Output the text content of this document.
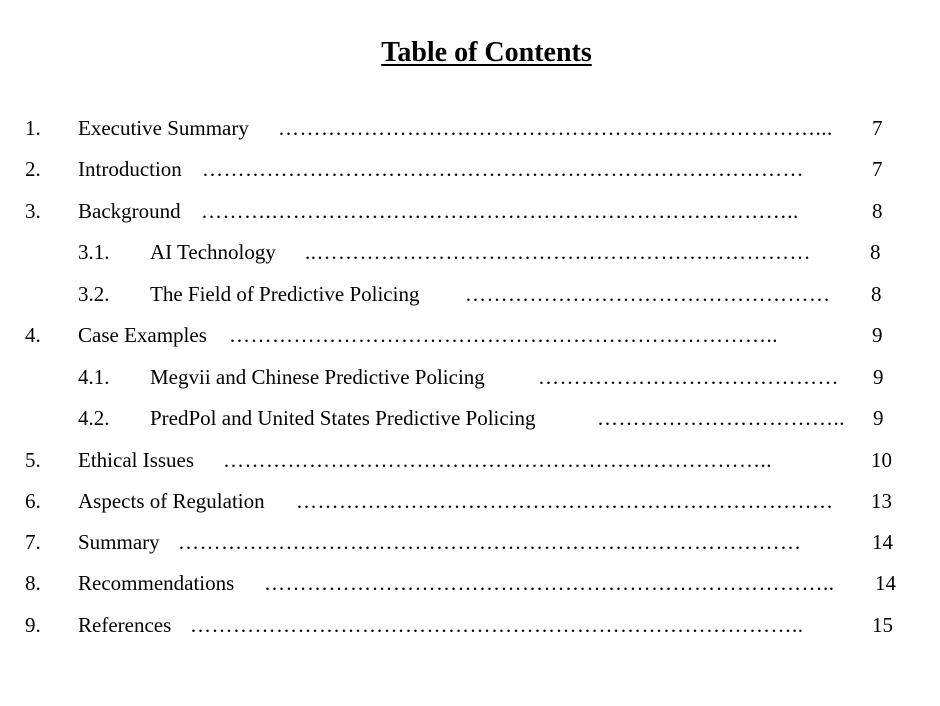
Table of Contents
1. Executive Summary …………………………………………………………………...	7
2. Introduction …………………………………………………………………………	7
3. Background ……….………………………………………………………………..	8
3.1. AI Technology ..……………………………………………………………	8
3.2. The Field of Predictive Policing ……………………………………………	8
4. Case Examples …………………………………………………………………..	9
4.1. Megvii and Chinese Predictive Policing	……………………………………	9
4.2. PredPol and United States Predictive Policing	……………………………..	9
5. Ethical Issues …………………………………………………………………..	10
6. Aspects of Regulation …………………………………………………………………	13
7. Summary ……………………………………………………………………………	14
8. Recommendations ……………………………………………………………………..	14
9. References …………………………………………………………………………..	15
